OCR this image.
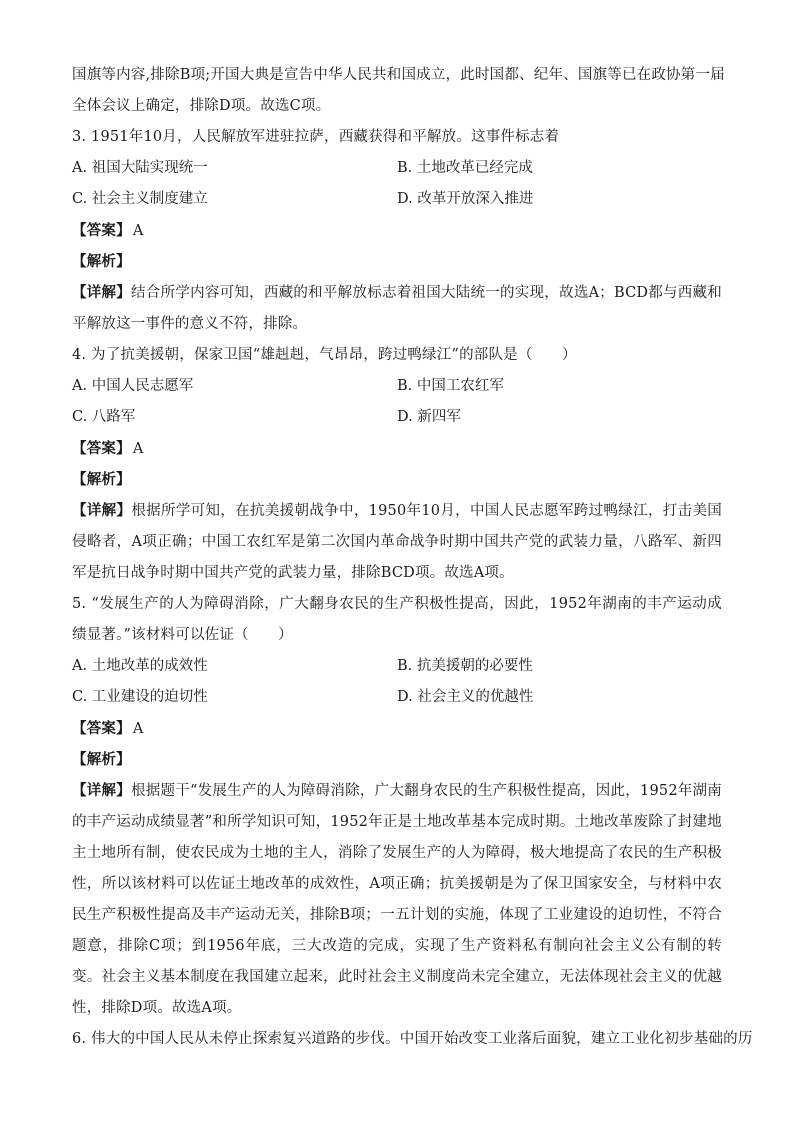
国旗等内容,排除B项;开国大典是宣告中华人民共和国成立，此时国都、纪年、国旗等已在政协第一届
全体会议上确定，排除D项。故选C项。
3. 1951年10月，人民解放军进驻拉萨，西藏获得和平解放。这事件标志着
A. 祖国大陆实现统一	B. 土地改革已经完成
C. 社会主义制度建立	D. 改革开放深入推进
【答案】 A
【解析】
【详解】结合所学内容可知，西藏的和平解放标志着祖国大陆统一的实现，故选A；BCD都与西藏和平解放这一事件的意义不符，排除。
4. 为了抗美援朝，保家卫国“雄赳赳，气昂昂，跨过鸭绿江”的部队是（　　）
A. 中国人民志愿军	B. 中国工农红军
C. 八路军	D. 新四军
【答案】 A
【解析】
【详解】根据所学可知，在抗美援朝战争中，1950年10月，中国人民志愿军跨过鸭绿江，打击美国侵略者，A项正确；中国工农红军是第二次国内革命战争时期中国共产党的武装力量，八路军、新四军是抗日战争时期中国共产党的武装力量，排除BCD项。故选A项。
5. “发展生产的人为障碍消除，广大翻身农民的生产积极性提高，因此，1952年湖南的丰产运动成绩显著。”该材料可以佐证（　　）
A. 土地改革的成效性	B. 抗美援朝的必要性
C. 工业建设的迫切性	D. 社会主义的优越性
【答案】 A
【解析】
【详解】根据题干“发展生产的人为障碍消除，广大翻身农民的生产积极性提高，因此，1952年湖南的丰产运动成绩显著”和所学知识可知，1952年正是土地改革基本完成时期。土地改革废除了封建地主土地所有制，使农民成为土地的主人，消除了发展生产的人为障碍，极大地提高了农民的生产积极性，所以该材料可以佐证土地改革的成效性，A项正确；抗美援朝是为了保卫国家安全，与材料中农民生产积极性提高及丰产运动无关，排除B项；一五计划的实施，体现了工业建设的迫切性，不符合题意，排除C项；到1956年底，三大改造的完成，实现了生产资料私有制向社会主义公有制的转变。社会主义基本制度在我国建立起来，此时社会主义制度尚未完全建立，无法体现社会主义的优越性，排除D项。故选A项。
6. 伟大的中国人民从未停止探索复兴道路的步伐。中国开始改变工业落后面貌，建立工业化初步基础的历
